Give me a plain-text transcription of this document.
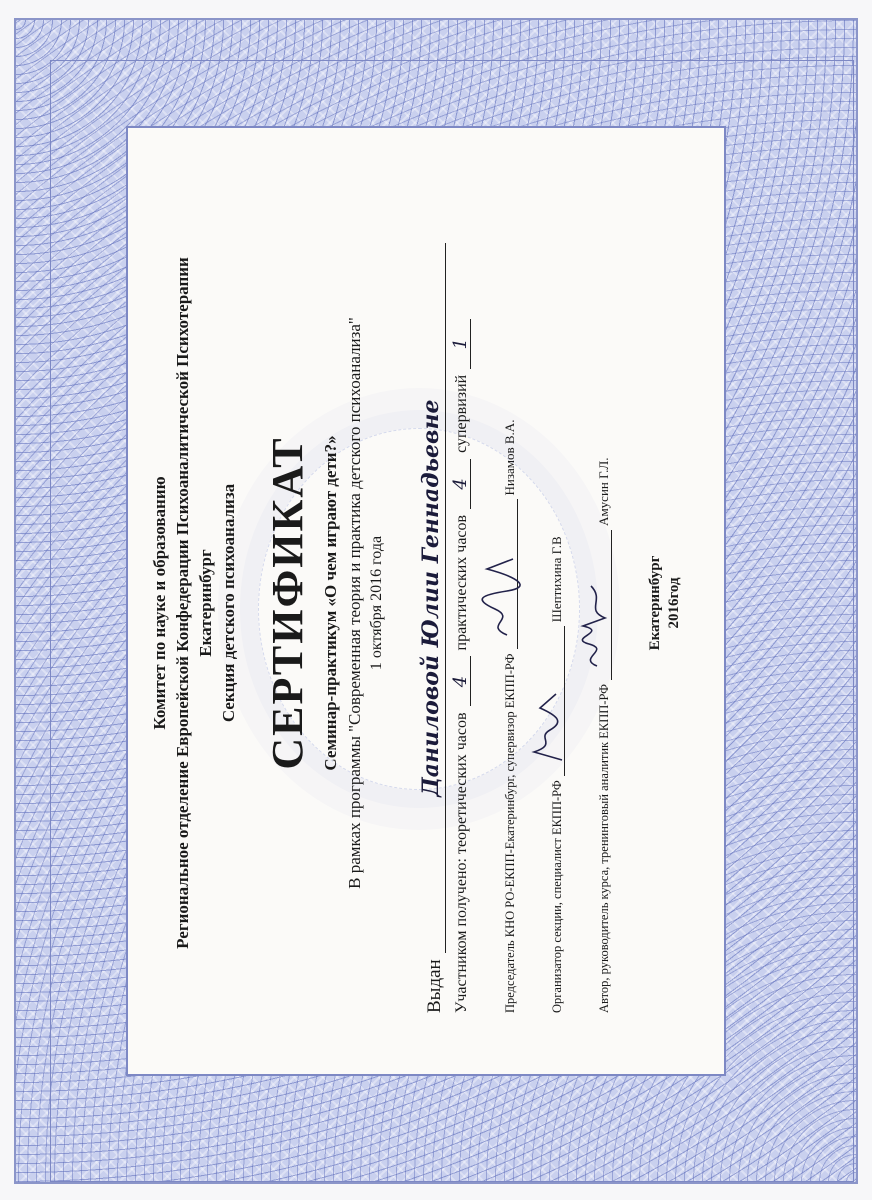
Комитет по науке и образованию Региональное отделение Европейской Конфедерации Психоаналитической Психотерапии Екатеринбург Секция детского психоанализа СЕРТИФИКАТ Семинар-практикум «О чем играют дети?» В рамках программы "Современная теория и практика детского психоанализа" 1 октября 2016 года
Выдан
Даниловой Юлии Геннадьевне
Участником получено: теоретических часов
4
практических часов
4
супервизий
1
Председатель КНО РО-ЕКПП-Екатеринбург, супервизор ЕКПП-РФ
Низамов В.А.
Организатор секции, специалист ЕКПП-РФ
Шептихина Г.В
Автор, руководитель курса, тренинговый аналитик ЕКПП-РФ
Амусин Г.Л.
Екатеринбург 2016год
